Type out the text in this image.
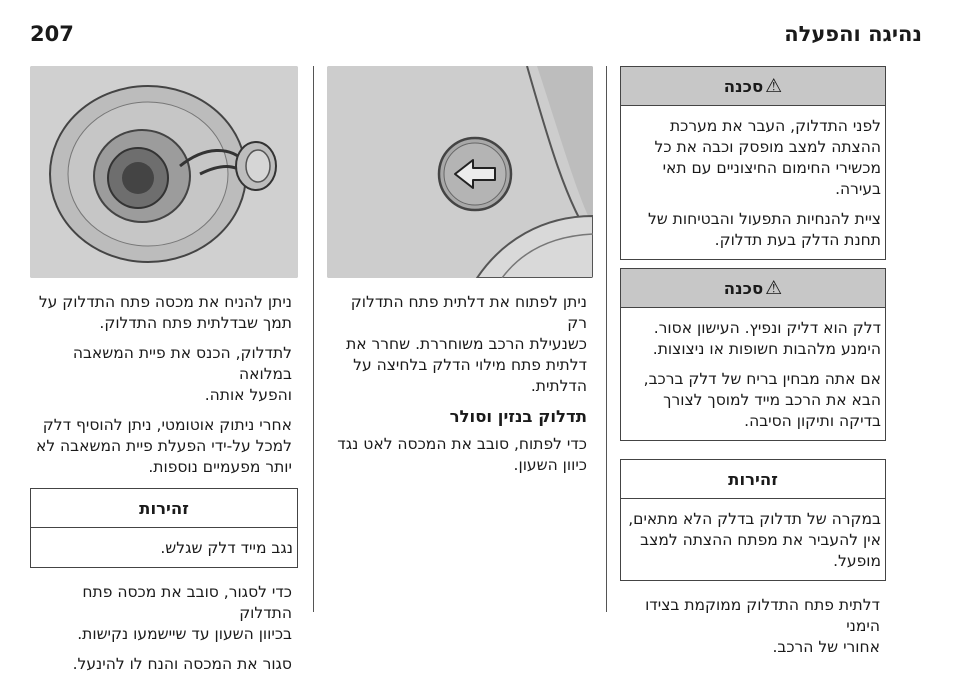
207	נהיגה והפעלה
⚠
סכנה

לפני התדלוק, העבר את מערכת

ההצתה למצב מופסק וכבה את כל

מכשירי החימום החיצוניים עם תאי

בעירה.

ציית להנחיות התפעול והבטיחות של

תחנת הדלק בעת תדלוק.

⚠
סכנה

דלק הוא דליק ונפיץ. העישון אסור.

הימנע מלהבות חשופות או ניצוצות.

אם אתה מבחין בריח של דלק ברכב,

הבא את הרכב מייד למוסך לצורך

בדיקה ותיקון הסיבה.

זהירות

במקרה של תדלוק בדלק הלא מתאים,

אין להעביר את מפתח ההצתה למצב

מופעל.

דלתית פתח התדלוק ממוקמת בצידו הימני

אחורי של הרכב.

ניתן לפתוח את דלתית פתח התדלוק רק

כשנעילת הרכב משוחררת. שחרר את

דלתית פתח מילוי הדלק בלחיצה על

הדלתית.

תדלוק בנזין וסולר

כדי לפתוח, סובב את המכסה לאט נגד

כיוון השעון.

ניתן להניח את מכסה פתח התדלוק על

תמך שבדלתית פתח התדלוק.

לתדלוק, הכנס את פיית המשאבה במלואה

והפעל אותה.

אחרי ניתוק אוטומטי, ניתן להוסיף דלק

למכל על-ידי הפעלת פיית המשאבה לא

יותר מפעמיים נוספות.

זהירות

נגב מייד דלק שגלש.

כדי לסגור, סובב את מכסה פתח התדלוק

בכיוון השעון עד שיישמעו נקישות.

סגור את המכסה והנח לו להינעל.
